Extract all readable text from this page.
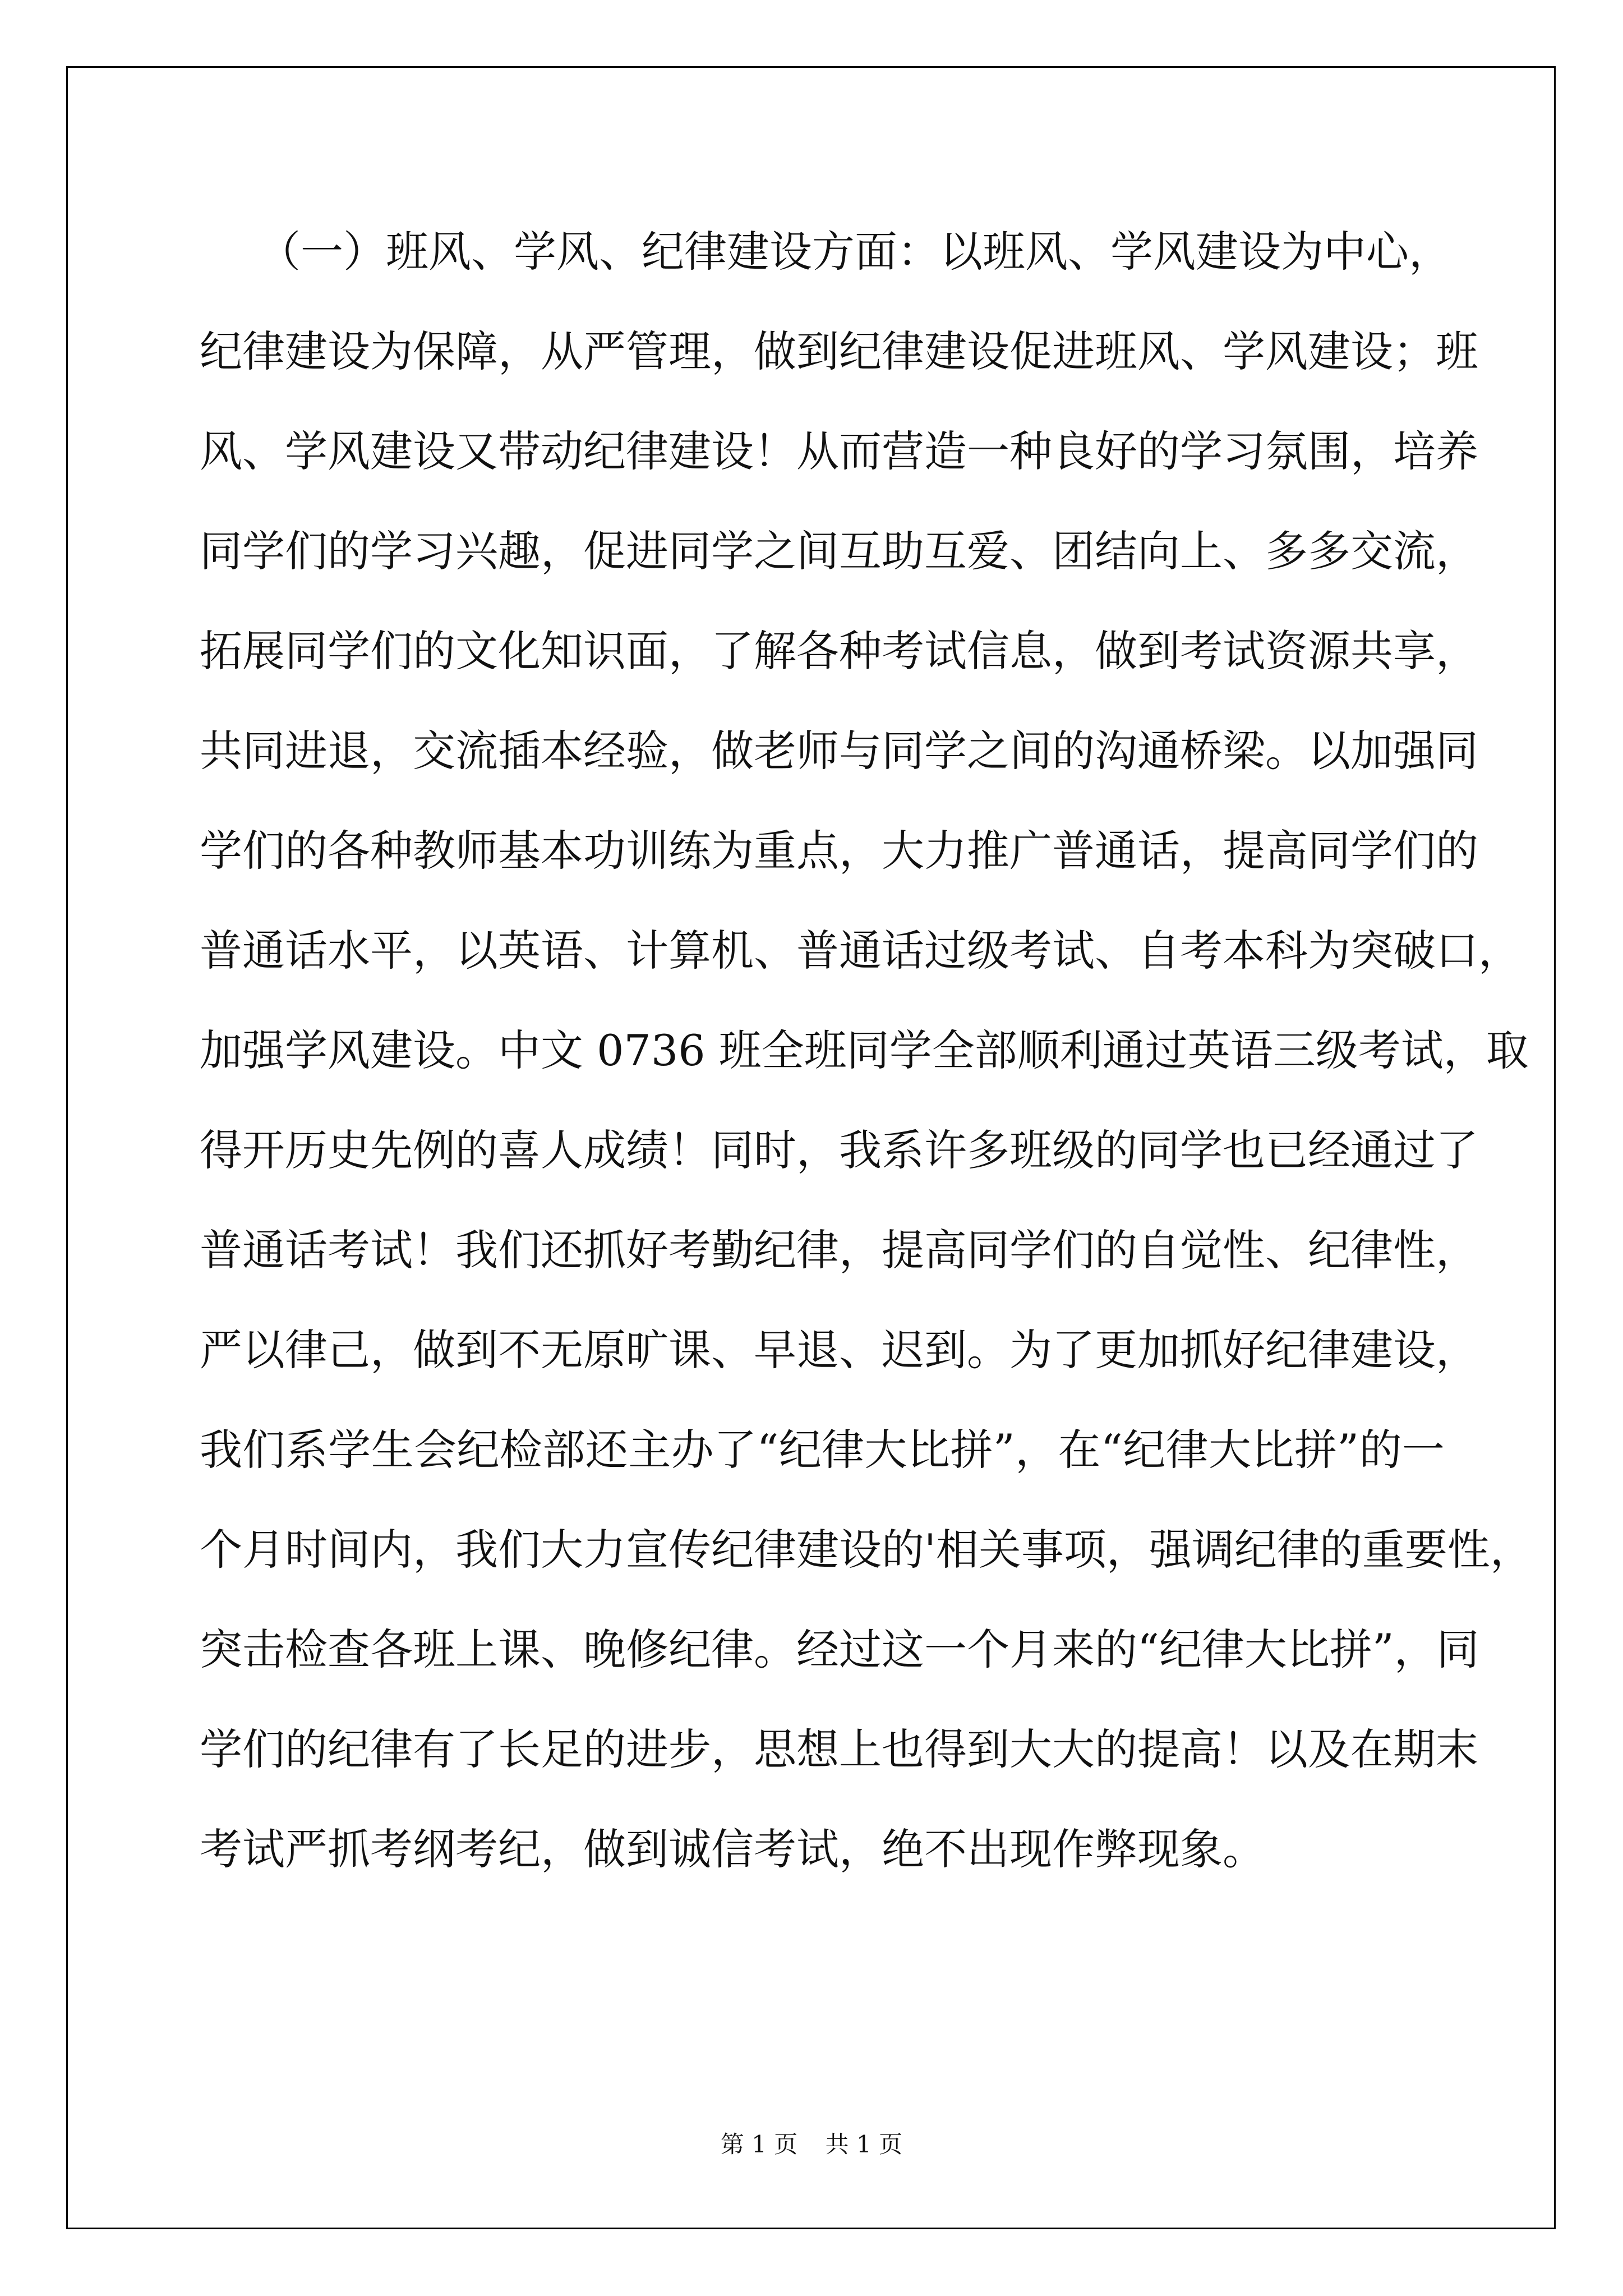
（一）班风、学风、纪律建设方面：以班风、学风建设为中心，
纪律建设为保障，从严管理，做到纪律建设促进班风、学风建设；班
风、学风建设又带动纪律建设！从而营造一种良好的学习氛围，培养
同学们的学习兴趣，促进同学之间互助互爱、团结向上、多多交流，
拓展同学们的文化知识面，了解各种考试信息，做到考试资源共享，
共同进退，交流插本经验，做老师与同学之间的沟通桥梁。以加强同
学们的各种教师基本功训练为重点，大力推广普通话，提高同学们的
普通话水平，以英语、计算机、普通话过级考试、自考本科为突破口，
加强学风建设。中文 0736 班全班同学全部顺利通过英语三级考试，取
得开历史先例的喜人成绩！同时，我系许多班级的同学也已经通过了
普通话考试！我们还抓好考勤纪律，提高同学们的自觉性、纪律性，
严以律己，做到不无原旷课、早退、迟到。为了更加抓好纪律建设，
我们系学生会纪检部还主办了“纪律大比拼”，在“纪律大比拼”的一
个月时间内，我们大力宣传纪律建设的'相关事项，强调纪律的重要性，
突击检查各班上课、晚修纪律。经过这一个月来的“纪律大比拼”，同
学们的纪律有了长足的进步，思想上也得到大大的提高！以及在期末
考试严抓考纲考纪，做到诚信考试，绝不出现作弊现象。
第 1 页 共 1 页
